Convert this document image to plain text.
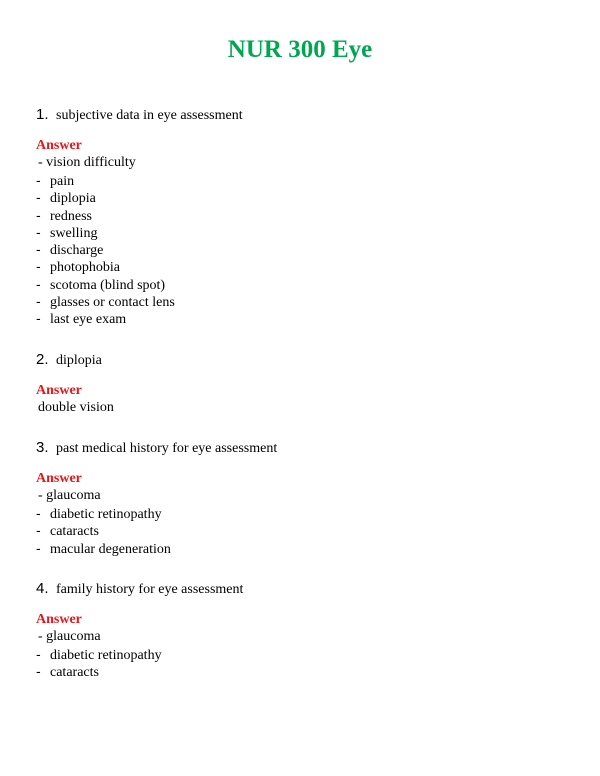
NUR 300 Eye
1. subjective data in eye assessment
Answer
- vision difficulty
- pain
- diplopia
- redness
- swelling
- discharge
- photophobia
- scotoma (blind spot)
- glasses or contact lens
- last eye exam
2. diplopia
Answer
double vision
3. past medical history for eye assessment
Answer
- glaucoma
- diabetic retinopathy
- cataracts
- macular degeneration
4. family history for eye assessment
Answer
- glaucoma
- diabetic retinopathy
- cataracts
